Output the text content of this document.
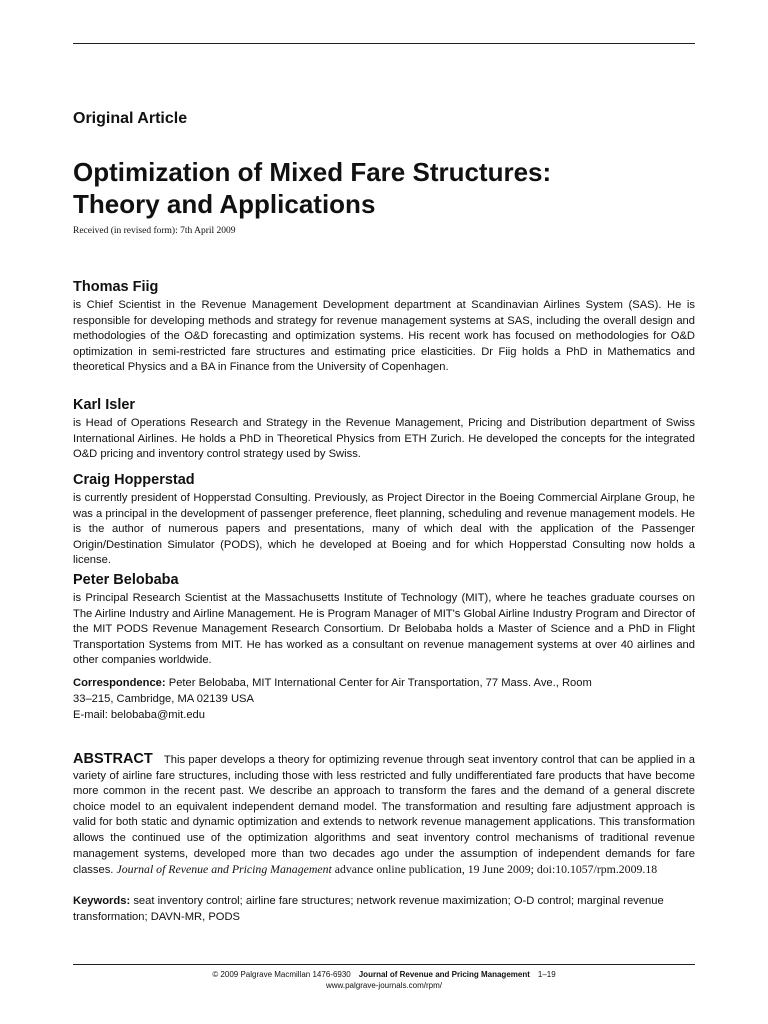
Original Article
Optimization of Mixed Fare Structures:
Theory and Applications
Received (in revised form): 7th April 2009
Thomas Fiig

is Chief Scientist in the Revenue Management Development department at Scandinavian Airlines System (SAS). He is responsible for developing methods and strategy for revenue management systems at SAS, including the overall design and methodologies of the O&D forecasting and optimization systems. His recent work has focused on methodologies for O&D optimization in semi-restricted fare structures and estimating price elasticities. Dr Fiig holds a PhD in Mathematics and theoretical Physics and a BA in Finance from the University of Copenhagen.

Karl Isler

is Head of Operations Research and Strategy in the Revenue Management, Pricing and Distribution department of Swiss International Airlines. He holds a PhD in Theoretical Physics from ETH Zurich. He developed the concepts for the integrated O&D pricing and inventory control strategy used by Swiss.

Craig Hopperstad

is currently president of Hopperstad Consulting. Previously, as Project Director in the Boeing Commercial Airplane Group, he was a principal in the development of passenger preference, fleet planning, scheduling and revenue management models. He is the author of numerous papers and presentations, many of which deal with the application of the Passenger Origin/Destination Simulator (PODS), which he developed at Boeing and for which Hopperstad Consulting now holds a license.

Peter Belobaba

is Principal Research Scientist at the Massachusetts Institute of Technology (MIT), where he teaches graduate courses on The Airline Industry and Airline Management. He is Program Manager of MIT's Global Airline Industry Program and Director of the MIT PODS Revenue Management Research Consortium. Dr Belobaba holds a Master of Science and a PhD in Flight Transportation Systems from MIT. He has worked as a consultant on revenue management systems at over 40 airlines and other companies worldwide.

Correspondence: Peter Belobaba, MIT International Center for Air Transportation, 77 Mass. Ave., Room
33–215, Cambridge, MA 02139 USA
E-mail: belobaba@mit.edu
ABSTRACT This paper develops a theory for optimizing revenue through seat inventory control that can be applied in a variety of airline fare structures, including those with less restricted and fully undifferentiated fare products that have become more common in the recent past. We describe an approach to transform the fares and the demand of a general discrete choice model to an equivalent independent demand model. The transformation and resulting fare adjustment approach is valid for both static and dynamic optimization and extends to network revenue management applications. This transformation allows the continued use of the optimization algorithms and seat inventory control mechanisms of traditional revenue management systems, developed more than two decades ago under the assumption of independent demands for fare classes. Journal of Revenue and Pricing Management advance online publication, 19 June 2009; doi:10.1057/rpm.2009.18
Keywords: seat inventory control; airline fare structures; network revenue maximization; O-D control; marginal revenue transformation; DAVN-MR, PODS
© 2009 Palgrave Macmillan 1476-6930 Journal of Revenue and Pricing Management 1–19
www.palgrave-journals.com/rpm/
